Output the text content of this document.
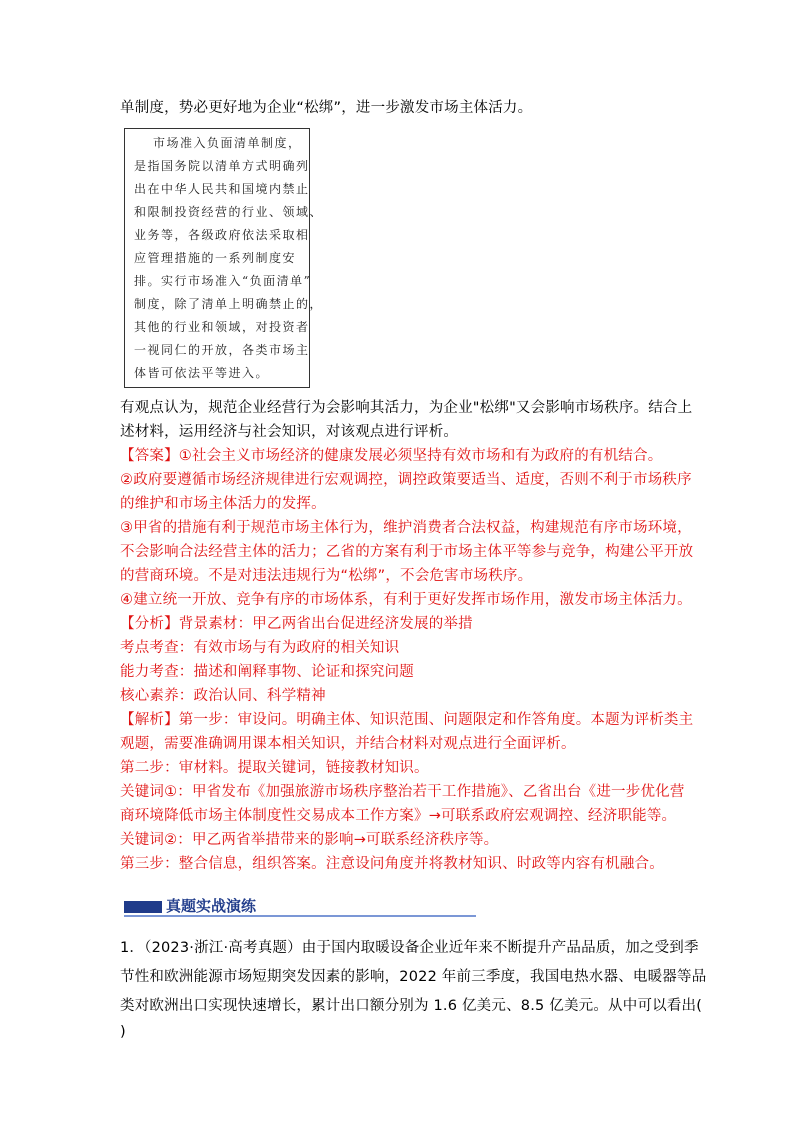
单制度，势必更好地为企业“松绑”，进一步激发市场主体活力。
市场准入负面清单制度，
是指国务院以清单方式明确列
出在中华人民共和国境内禁止
和限制投资经营的行业、领域、
业务等，各级政府依法采取相
应管理措施的一系列制度安
排。实行市场准入“负面清单”
制度，除了清单上明确禁止的，
其他的行业和领域，对投资者
一视同仁的开放，各类市场主
体皆可依法平等进入。
有观点认为，规范企业经营行为会影响其活力，为企业"松绑"又会影响市场秩序。结合上
述材料，运用经济与社会知识，对该观点进行评析。
【答案】①社会主义市场经济的健康发展必须坚持有效市场和有为政府的有机结合。
②政府要遵循市场经济规律进行宏观调控，调控政策要适当、适度，否则不利于市场秩序
的维护和市场主体活力的发挥。
③甲省的措施有利于规范市场主体行为，维护消费者合法权益，构建规范有序市场环境，
不会影响合法经营主体的活力；乙省的方案有利于市场主体平等参与竞争，构建公平开放
的营商环境。不是对违法违规行为“松绑”，不会危害市场秩序。
④建立统一开放、竞争有序的市场体系，有利于更好发挥市场作用，激发市场主体活力。
【分析】背景素材：甲乙两省出台促进经济发展的举措
考点考查：有效市场与有为政府的相关知识
能力考查：描述和阐释事物、论证和探究问题
核心素养：政治认同、科学精神
【解析】第一步：审设问。明确主体、知识范围、问题限定和作答角度。本题为评析类主
观题，需要准确调用课本相关知识，并结合材料对观点进行全面评析。
第二步：审材料。提取关键词，链接教材知识。
关键词①：甲省发布《加强旅游市场秩序整治若干工作措施》、乙省出台《进一步优化营
商环境降低市场主体制度性交易成本工作方案》→可联系政府宏观调控、经济职能等。
关键词②：甲乙两省举措带来的影响→可联系经济秩序等。
第三步：整合信息，组织答案。注意设问角度并将教材知识、时政等内容有机融合。
真题实战演练
1．（2023·浙江·高考真题）由于国内取暖设备企业近年来不断提升产品品质，加之受到季
节性和欧洲能源市场短期突发因素的影响，2022 年前三季度，我国电热水器、电暖器等品
类对欧洲出口实现快速增长，累计出口额分别为 1.6 亿美元、8.5 亿美元。从中可以看出(
)
